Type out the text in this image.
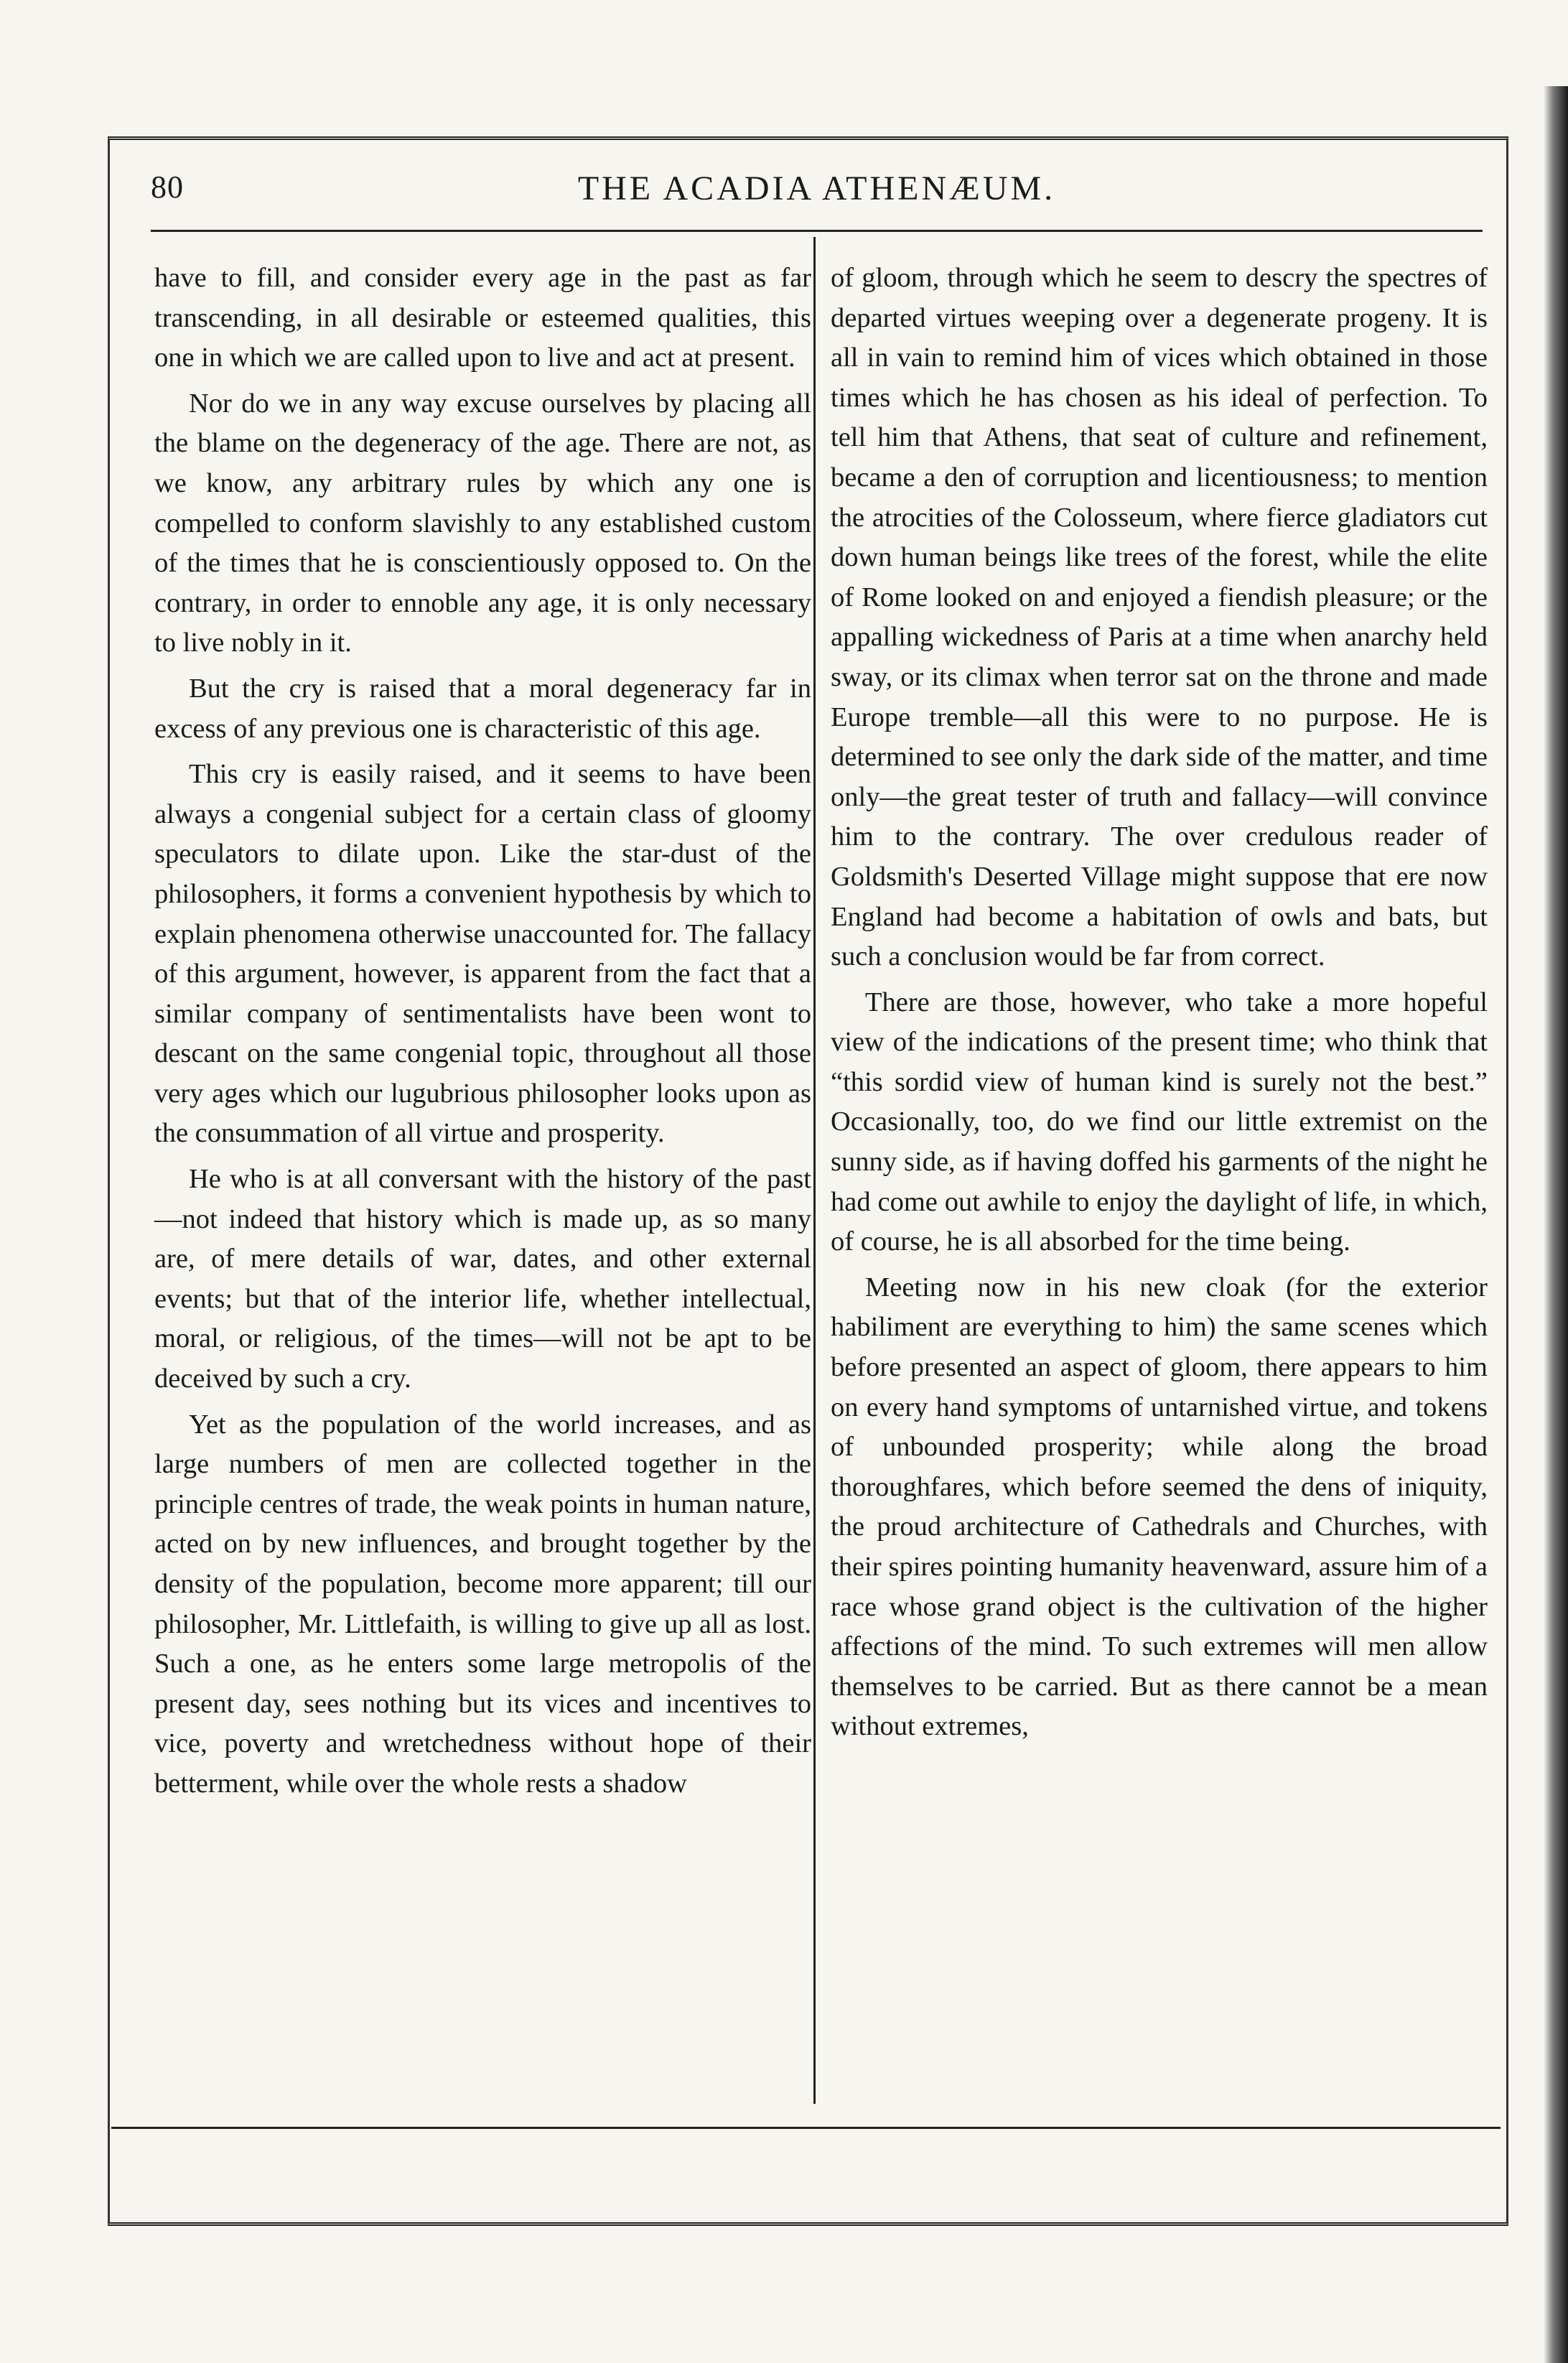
80	THE ACADIA ATHENÆUM.

have to fill, and consider every age in the past as far transcending, in all desirable or esteemed qualities, this one in which we are called upon to live and act at present.

Nor do we in any way excuse ourselves by placing all the blame on the degeneracy of the age. There are not, as we know, any arbitrary rules by which any one is compelled to conform slavishly to any established custom of the times that he is conscientiously opposed to. On the contrary, in order to ennoble any age, it is only necessary to live nobly in it.

But the cry is raised that a moral degeneracy far in excess of any previous one is characteristic of this age.

This cry is easily raised, and it seems to have been always a congenial subject for a certain class of gloomy speculators to dilate upon. Like the star-dust of the philosophers, it forms a convenient hypothesis by which to explain phenomena otherwise unaccounted for. The fallacy of this argument, however, is apparent from the fact that a similar company of sentimentalists have been wont to descant on the same congenial topic, throughout all those very ages which our lugubrious philosopher looks upon as the consummation of all virtue and prosperity.

He who is at all conversant with the history of the past—not indeed that history which is made up, as so many are, of mere details of war, dates, and other external events; but that of the interior life, whether intellectual, moral, or religious, of the times—will not be apt to be deceived by such a cry.

Yet as the population of the world increases, and as large numbers of men are collected together in the principle centres of trade, the weak points in human nature, acted on by new influences, and brought together by the density of the population, become more apparent; till our philosopher, Mr. Littlefaith, is willing to give up all as lost. Such a one, as he enters some large metropolis of the present day, sees nothing but its vices and incentives to vice, poverty and wretchedness without hope of their betterment, while over the whole rests a shadow

of gloom, through which he seem to descry the spectres of departed virtues weeping over a degenerate progeny. It is all in vain to remind him of vices which obtained in those times which he has chosen as his ideal of perfection. To tell him that Athens, that seat of culture and refinement, became a den of corruption and licentiousness; to mention the atrocities of the Colosseum, where fierce gladiators cut down human beings like trees of the forest, while the elite of Rome looked on and enjoyed a fiendish pleasure; or the appalling wickedness of Paris at a time when anarchy held sway, or its climax when terror sat on the throne and made Europe tremble—all this were to no purpose. He is determined to see only the dark side of the matter, and time only—the great tester of truth and fallacy—will convince him to the contrary. The over credulous reader of Goldsmith's Deserted Village might suppose that ere now England had become a habitation of owls and bats, but such a conclusion would be far from correct.

There are those, however, who take a more hopeful view of the indications of the present time; who think that “this sordid view of human kind is surely not the best.” Occasionally, too, do we find our little extremist on the sunny side, as if having doffed his garments of the night he had come out awhile to enjoy the daylight of life, in which, of course, he is all absorbed for the time being.

Meeting now in his new cloak (for the exterior habiliment are everything to him) the same scenes which before presented an aspect of gloom, there appears to him on every hand symptoms of untarnished virtue, and tokens of unbounded prosperity; while along the broad thoroughfares, which before seemed the dens of iniquity, the proud architecture of Cathedrals and Churches, with their spires pointing humanity heavenward, assure him of a race whose grand object is the cultivation of the higher affections of the mind. To such extremes will men allow themselves to be carried. But as there cannot be a mean without extremes,
